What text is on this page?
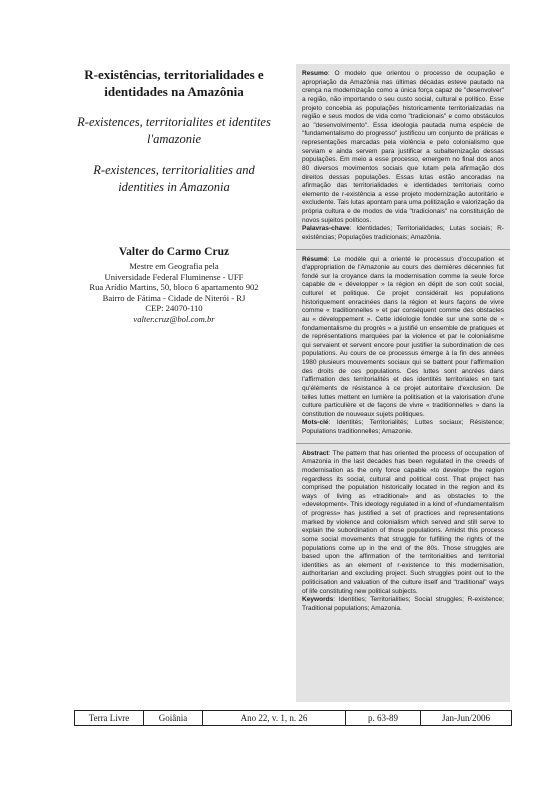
R-existências, territorialidades e identidades na Amazônia
R-existences, territorialites et identites l'amazonie
R-existences, territorialities and identities in Amazonia
Valter do Carmo Cruz
Mestre em Geografia pela
Universidade Federal Fluminense - UFF
Rua Arídio Martins, 50, bloco 6 apartamento 902
Bairro de Fátima - Cidade de Niterói - RJ
CEP: 24070-110
valter.cruz@bol.com.br

Resumo: O modelo que orientou o processo de ocupação e apropriação da Amazônia nas últimas décadas esteve pautado na crença na modernização como a única força capaz de "desenvolver" a região, não importando o seu custo social, cultural e político. Esse projeto concebia as populações historicamente territorializadas na região e seus modos de vida como "tradicionais" e como obstáculos ao "desenvolvimento". Essa ideologia pautada numa espécie de "fundamentalismo do progresso" justificou um conjunto de práticas e representações marcadas pela violência e pelo colonialismo que serviam e ainda servem para justificar a subalternização dessas populações. Em meio a esse processo, emergem no final dos anos 80 diversos movimentos sociais que lutam pela afirmação dos direitos dessas populações. Essas lutas estão ancoradas na afirmação das territorialidades e identidades territoriais como elemento de r-existência a esse projeto modernização autoritário e excludente. Tais lutas apontam para uma politização e valorização da própria cultura e de modos de vida "tradicionais" na constituição de novos sujeitos políticos.

Palavras-chave: Identidades; Territorialidades; Lutas sociais; R-existências; Populações tradicionais; Amazônia.

Résumé: Le modèle qui a orienté le processus d'occupation et d'appropriation de l'Amazonie au cours des dernières décennies fut fondé sur la croyance dans la modernisation comme la seule force capable de « développer » la région en dépit de son coût social, culturel et politique. Ce projet considérait les populations historiquement enracinées dans la région et leurs façons de vivre comme « traditionnelles » et par conséquent comme des obstacles au « développement ». Cette idéologie fondée sur une sorte de « fondamentalisme du progrès » a justifié un ensemble de pratiques et de représentations marquées par la violence et par le colonialisme qui servaient et servent encore pour justifier la subordination de ces populations. Au cours de ce processus émerge à la fin des années 1980 plusieurs mouvements sociaux qui se battent pour l'affirmation des droits de ces populations. Ces luttes sont ancrées dans l'affirmation des territorialités et des identités territoriales en tant qu'éléments de résistance à ce projet autoritaire d'exclusion. De telles luttes mettent en lumière la politisation et la valorisation d'une culture particulière et de façons de vivre « traditionnelles » dans la constitution de nouveaux sujets politiques.

Mots-clé: Identités; Territorialités; Luttes sociaux; Résistence; Populations traditionnelles; Amazonie.

Abstract: The pattern that has oriented the process of occupation of Amazonia in the last decades has been regulated in the creeds of modernisation as the only force capable «to develop» the region regardless its social, cultural and political cost. That project has comprised the population historically located in the region and its ways of living as «traditional» and as obstacles to the «development». This ideology regulated in a kind of «fundamentalism of progress» has justified a set of practices and representations marked by violence and colonialism which served and still serve to explain the subordination of those populations. Amidst this process some social movements that struggle for fulfilling the rights of the populations come up in the end of the 80s. Those struggles are based upon the affirmation of the territorialities and territorial identities as an element of r-existence to this modernisation, authoritarian and excluding project. Such struggles point out to the politicisation and valuation of the culture itself and "traditional" ways of life constituting new political subjects.

Keywords: Identities; Territorialities; Social struggles; R-existence; Traditional populations; Amazonia.

Terra Livre	Goiânia	Ano 22, v. 1, n. 26	p. 63-89	Jan-Jun/2006
